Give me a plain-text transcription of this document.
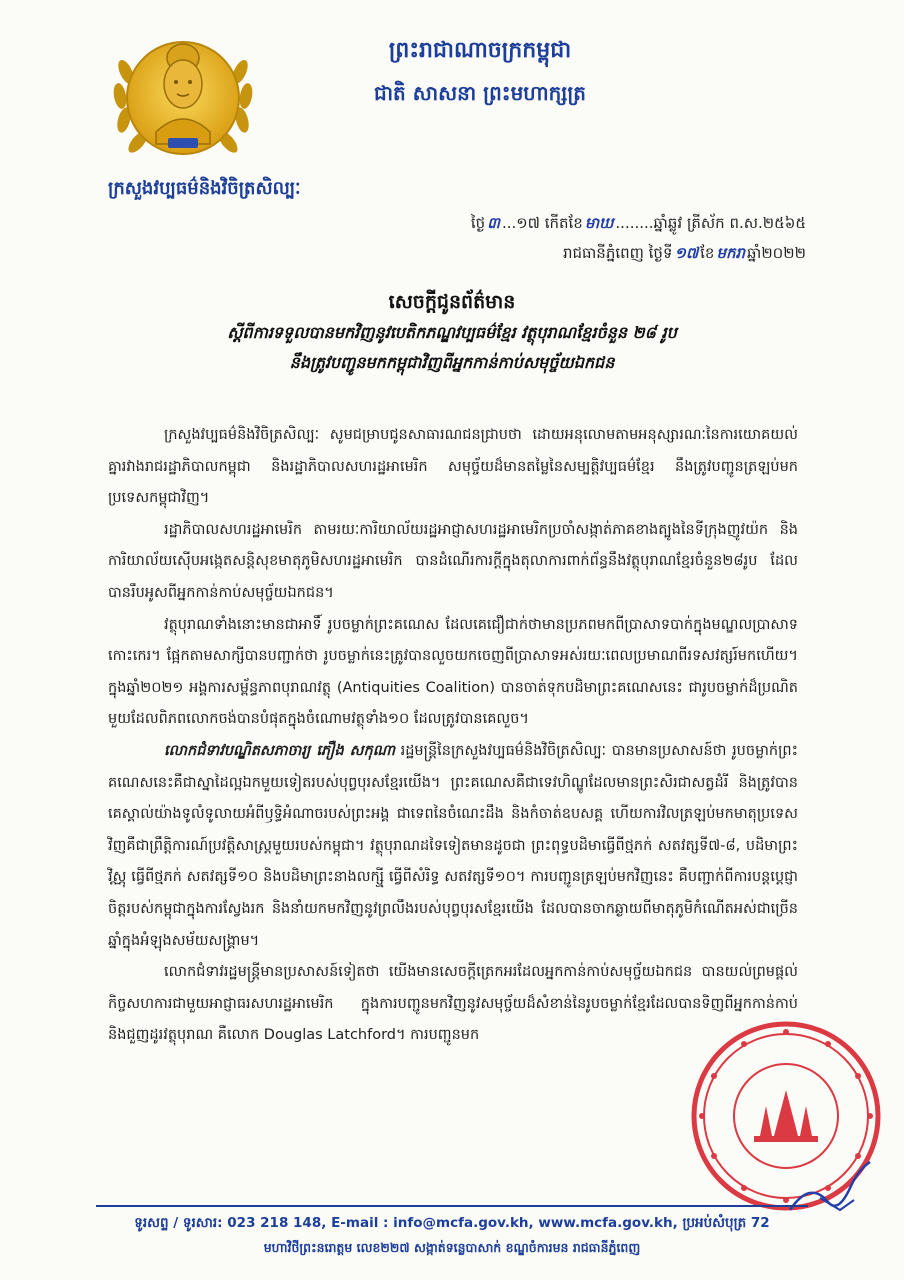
ព្រះរាជាណាចក្រកម្ពុជា
ជាតិ សាសនា ព្រះមហាក្សត្រ
ក្រសួងវប្បធម៌និងវិចិត្រសិល្បៈ
ថ្ងៃ ៣ ...១៧ កើតខែ មាឃ ........ឆ្នាំឆ្លូវ ត្រីស័ក ព.ស.២៥៦៥
រាជធានីភ្នំពេញ ថ្ងៃទី ១៧ ខែ មករា ឆ្នាំ២០២២
សេចក្ដីជូនព័ត៌មាន
ស្ដីពីការទទួលបានមកវិញនូវបេតិកភណ្ឌវប្បធម៌ខ្មែរ វត្ថុបុរាណខ្មែរចំនួន ២៨ រូប
នឹងត្រូវបញ្ជូនមកកម្ពុជាវិញពីអ្នកកាន់កាប់សមុច្ច័យឯកជន

ក្រសួងវប្បធម៌និងវិចិត្រសិល្បៈ សូមជម្រាបជូនសាធារណជនជ្រាបថា ដោយអនុលោមតាមអនុស្សារណៈនៃការយោគយល់គ្នារវាងរាជរដ្ឋាភិបាលកម្ពុជា និងរដ្ឋាភិបាលសហរដ្ឋអាមេរិក សមុច្ច័យដ៏មានតម្លៃនៃសម្បត្តិវប្បធម៌ខ្មែរ នឹងត្រូវបញ្ជូនត្រឡប់មកប្រទេសកម្ពុជាវិញ។

រដ្ឋាភិបាលសហរដ្ឋអាមេរិក តាមរយៈការិយាល័យរដ្ឋអាជ្ញាសហរដ្ឋអាមេរិកប្រចាំសង្កាត់ភាគខាងត្បូងនៃទីក្រុងញូវយ៉ក និងការិយាល័យស៊ើបអង្កេតសន្តិសុខមាតុភូមិសហរដ្ឋអាមេរិក បានដំណើរការក្ដីក្នុងតុលាការពាក់ព័ន្ធនឹងវត្ថុបុរាណខ្មែរចំនួន២៨រូប ដែលបានរឹបអូសពីអ្នកកាន់កាប់សមុច្ច័យឯកជន។

វត្ថុបុរាណទាំងនោះមានជាអាទិ៍ រូបចម្លាក់ព្រះគណេស ដែលគេជឿជាក់ថាមានប្រភពមកពីប្រាសាទបាក់ក្នុងមណ្ឌលប្រាសាទកោះកេរ។ ផ្អែកតាមសាក្សីបានបញ្ជាក់ថា រូបចម្លាក់នេះត្រូវបានលួចយកចេញពីប្រាសាទអស់រយៈពេលប្រមាណពីរទសវត្សរ៍មកហើយ។ ក្នុងឆ្នាំ២០២១ អង្គការសម្ព័ន្ធភាពបុរាណវត្ថុ (Antiquities Coalition) បានចាត់ទុកបដិមាព្រះគណេសនេះ ជារូបចម្លាក់ដ៏ប្រណិតមួយដែលពិភពលោកចង់បានបំផុតក្នុងចំណោមវត្ថុទាំង១០ ដែលត្រូវបានគេលួច។

លោកជំទាវបណ្ឌិតសភាចារ្យ ភឿង សកុណា រដ្ឋមន្ត្រីនៃក្រសួងវប្បធម៌និងវិចិត្រសិល្បៈ បានមានប្រសាសន៍ថា រូបចម្លាក់ព្រះគណេសនេះគឺជាស្នាដៃល្អឯកមួយទៀតរបស់បុព្វបុរសខ្មែរយើង។ ព្រះគណេសគឺជាទេវហិណ្ឌូដែលមានព្រះសិរជាសត្វដំរី និងត្រូវបានគេស្គាល់យ៉ាងទូលំទូលាយអំពីឫទ្ធិអំណាចរបស់ព្រះអង្គ ជាទេពនៃចំណេះដឹង និងកំចាត់ឧបសគ្គ ហើយការវិលត្រឡប់មកមាតុប្រទេសវិញគឺជាព្រឹត្តិការណ៍ប្រវត្តិសាស្ត្រមួយរបស់កម្ពុជា។ វត្ថុបុរាណដទៃទៀតមានដូចជា ព្រះពុទ្ធបដិមាធ្វើពីថ្មភក់ សតវត្សទី៧-៨, បដិមាព្រះវិស្ណុ ធ្វើពីថ្មភក់ សតវត្សទី១០ និងបដិមាព្រះនាងលក្ស្មី ធ្វើពីសំរិទ្ធ សតវត្សទី១០។ ការបញ្ជូនត្រឡប់មកវិញនេះ គឺបញ្ជាក់ពីការបន្តប្ដេជ្ញាចិត្តរបស់កម្ពុជាក្នុងការស្វែងរក និងនាំយកមកវិញនូវព្រលឹងរបស់បុព្វបុរសខ្មែរយើង ដែលបានចាកឆ្ងាយពីមាតុភូមិកំណើតអស់ជាច្រើនឆ្នាំក្នុងអំឡុងសម័យសង្គ្រាម។

លោកជំទាវរដ្ឋមន្ត្រីមានប្រសាសន៍ទៀតថា យើងមានសេចក្ដីត្រេកអរដែលអ្នកកាន់កាប់សមុច្ច័យឯកជន បានយល់ព្រមផ្ដល់កិច្ចសហការជាមួយអាជ្ញាធរសហរដ្ឋអាមេរិក ក្នុងការបញ្ជូនមកវិញនូវសមុច្ច័យដ៏សំខាន់នៃរូបចម្លាក់ខ្មែរដែលបានទិញពីអ្នកកាន់កាប់និងជួញដូរវត្ថុបុរាណ គឺលោក Douglas Latchford។ ការបញ្ជូនមក

ទូរសព្ទ / ទូរសារ: 023 218 148, E-mail : info@mcfa.gov.kh, www.mcfa.gov.kh, ប្រអប់សំបុត្រ 72
មហាវិថីព្រះនរោត្តម លេខ២២៧ សង្កាត់ទន្លេបាសាក់ ខណ្ឌចំការមន រាជធានីភ្នំពេញ
